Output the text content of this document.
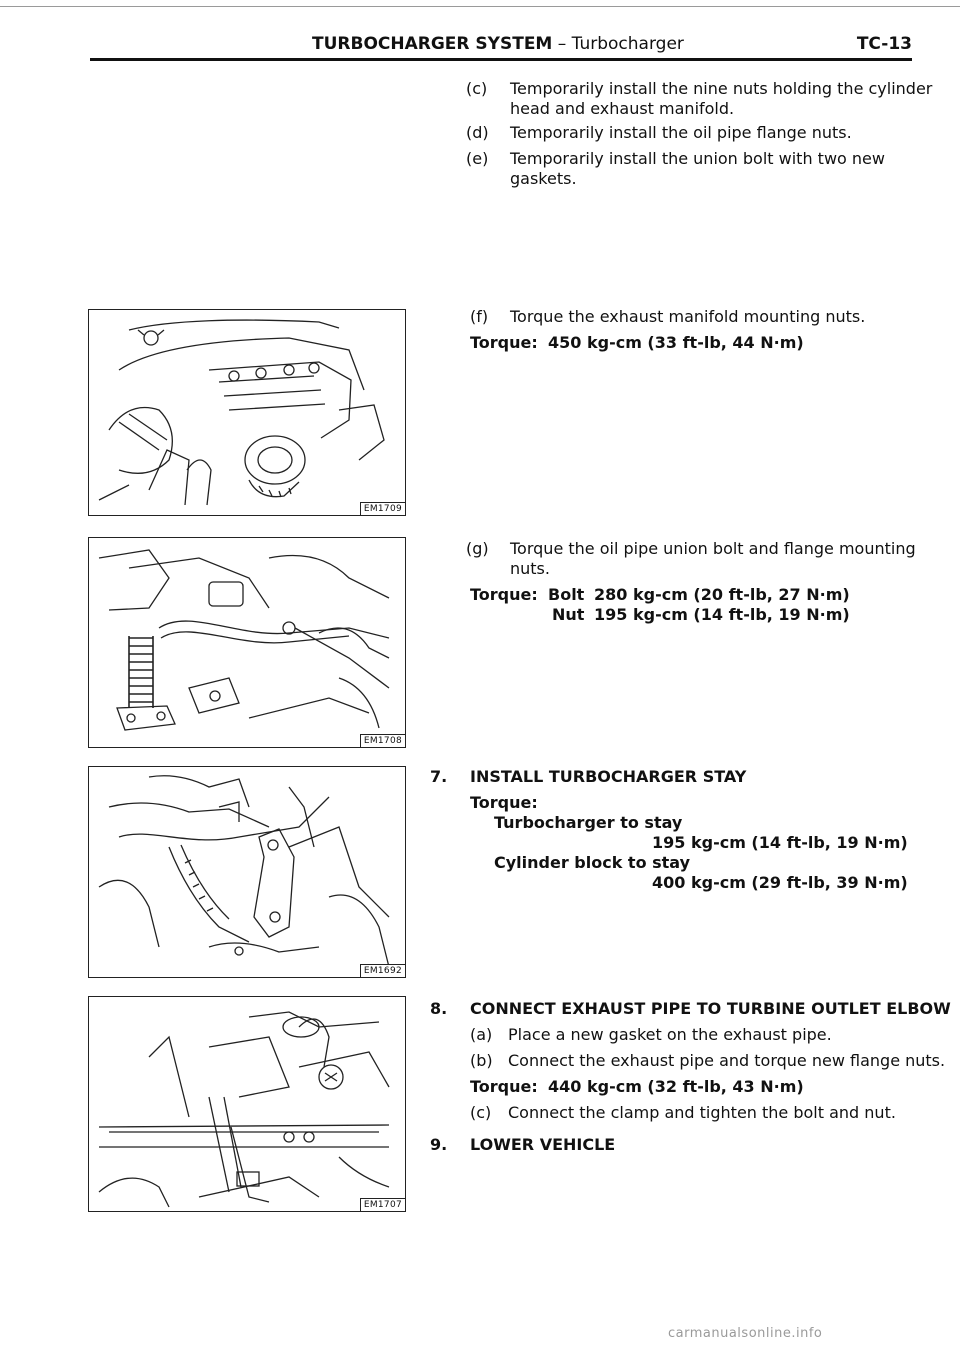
TURBOCHARGER SYSTEM – Turbocharger	TC-13
EM1709
EM1708
EM1692
EM1707
(c) Temporarily install the nine nuts holding the cylinder
head and exhaust manifold.
(d) Temporarily install the oil pipe flange nuts.
(e) Temporarily install the union bolt with two new
gaskets.
(f) Torque the exhaust manifold mounting nuts.
Torque: 450 kg-cm (33 ft-lb, 44 N·m)
(g) Torque the oil pipe union bolt and flange mounting
nuts.
Torque: Bolt 280 kg-cm (20 ft-lb, 27 N·m)
Nut 195 kg-cm (14 ft-lb, 19 N·m)
7. INSTALL TURBOCHARGER STAY
Torque:
Turbocharger to stay
195 kg-cm (14 ft-lb, 19 N·m)
Cylinder block to stay
400 kg-cm (29 ft-lb, 39 N·m)
8. CONNECT EXHAUST PIPE TO TURBINE OUTLET ELBOW
(a) Place a new gasket on the exhaust pipe.
(b) Connect the exhaust pipe and torque new flange nuts.
Torque: 440 kg-cm (32 ft-lb, 43 N·m)
(c) Connect the clamp and tighten the bolt and nut.
9. LOWER VEHICLE
carmanualsonline.info
